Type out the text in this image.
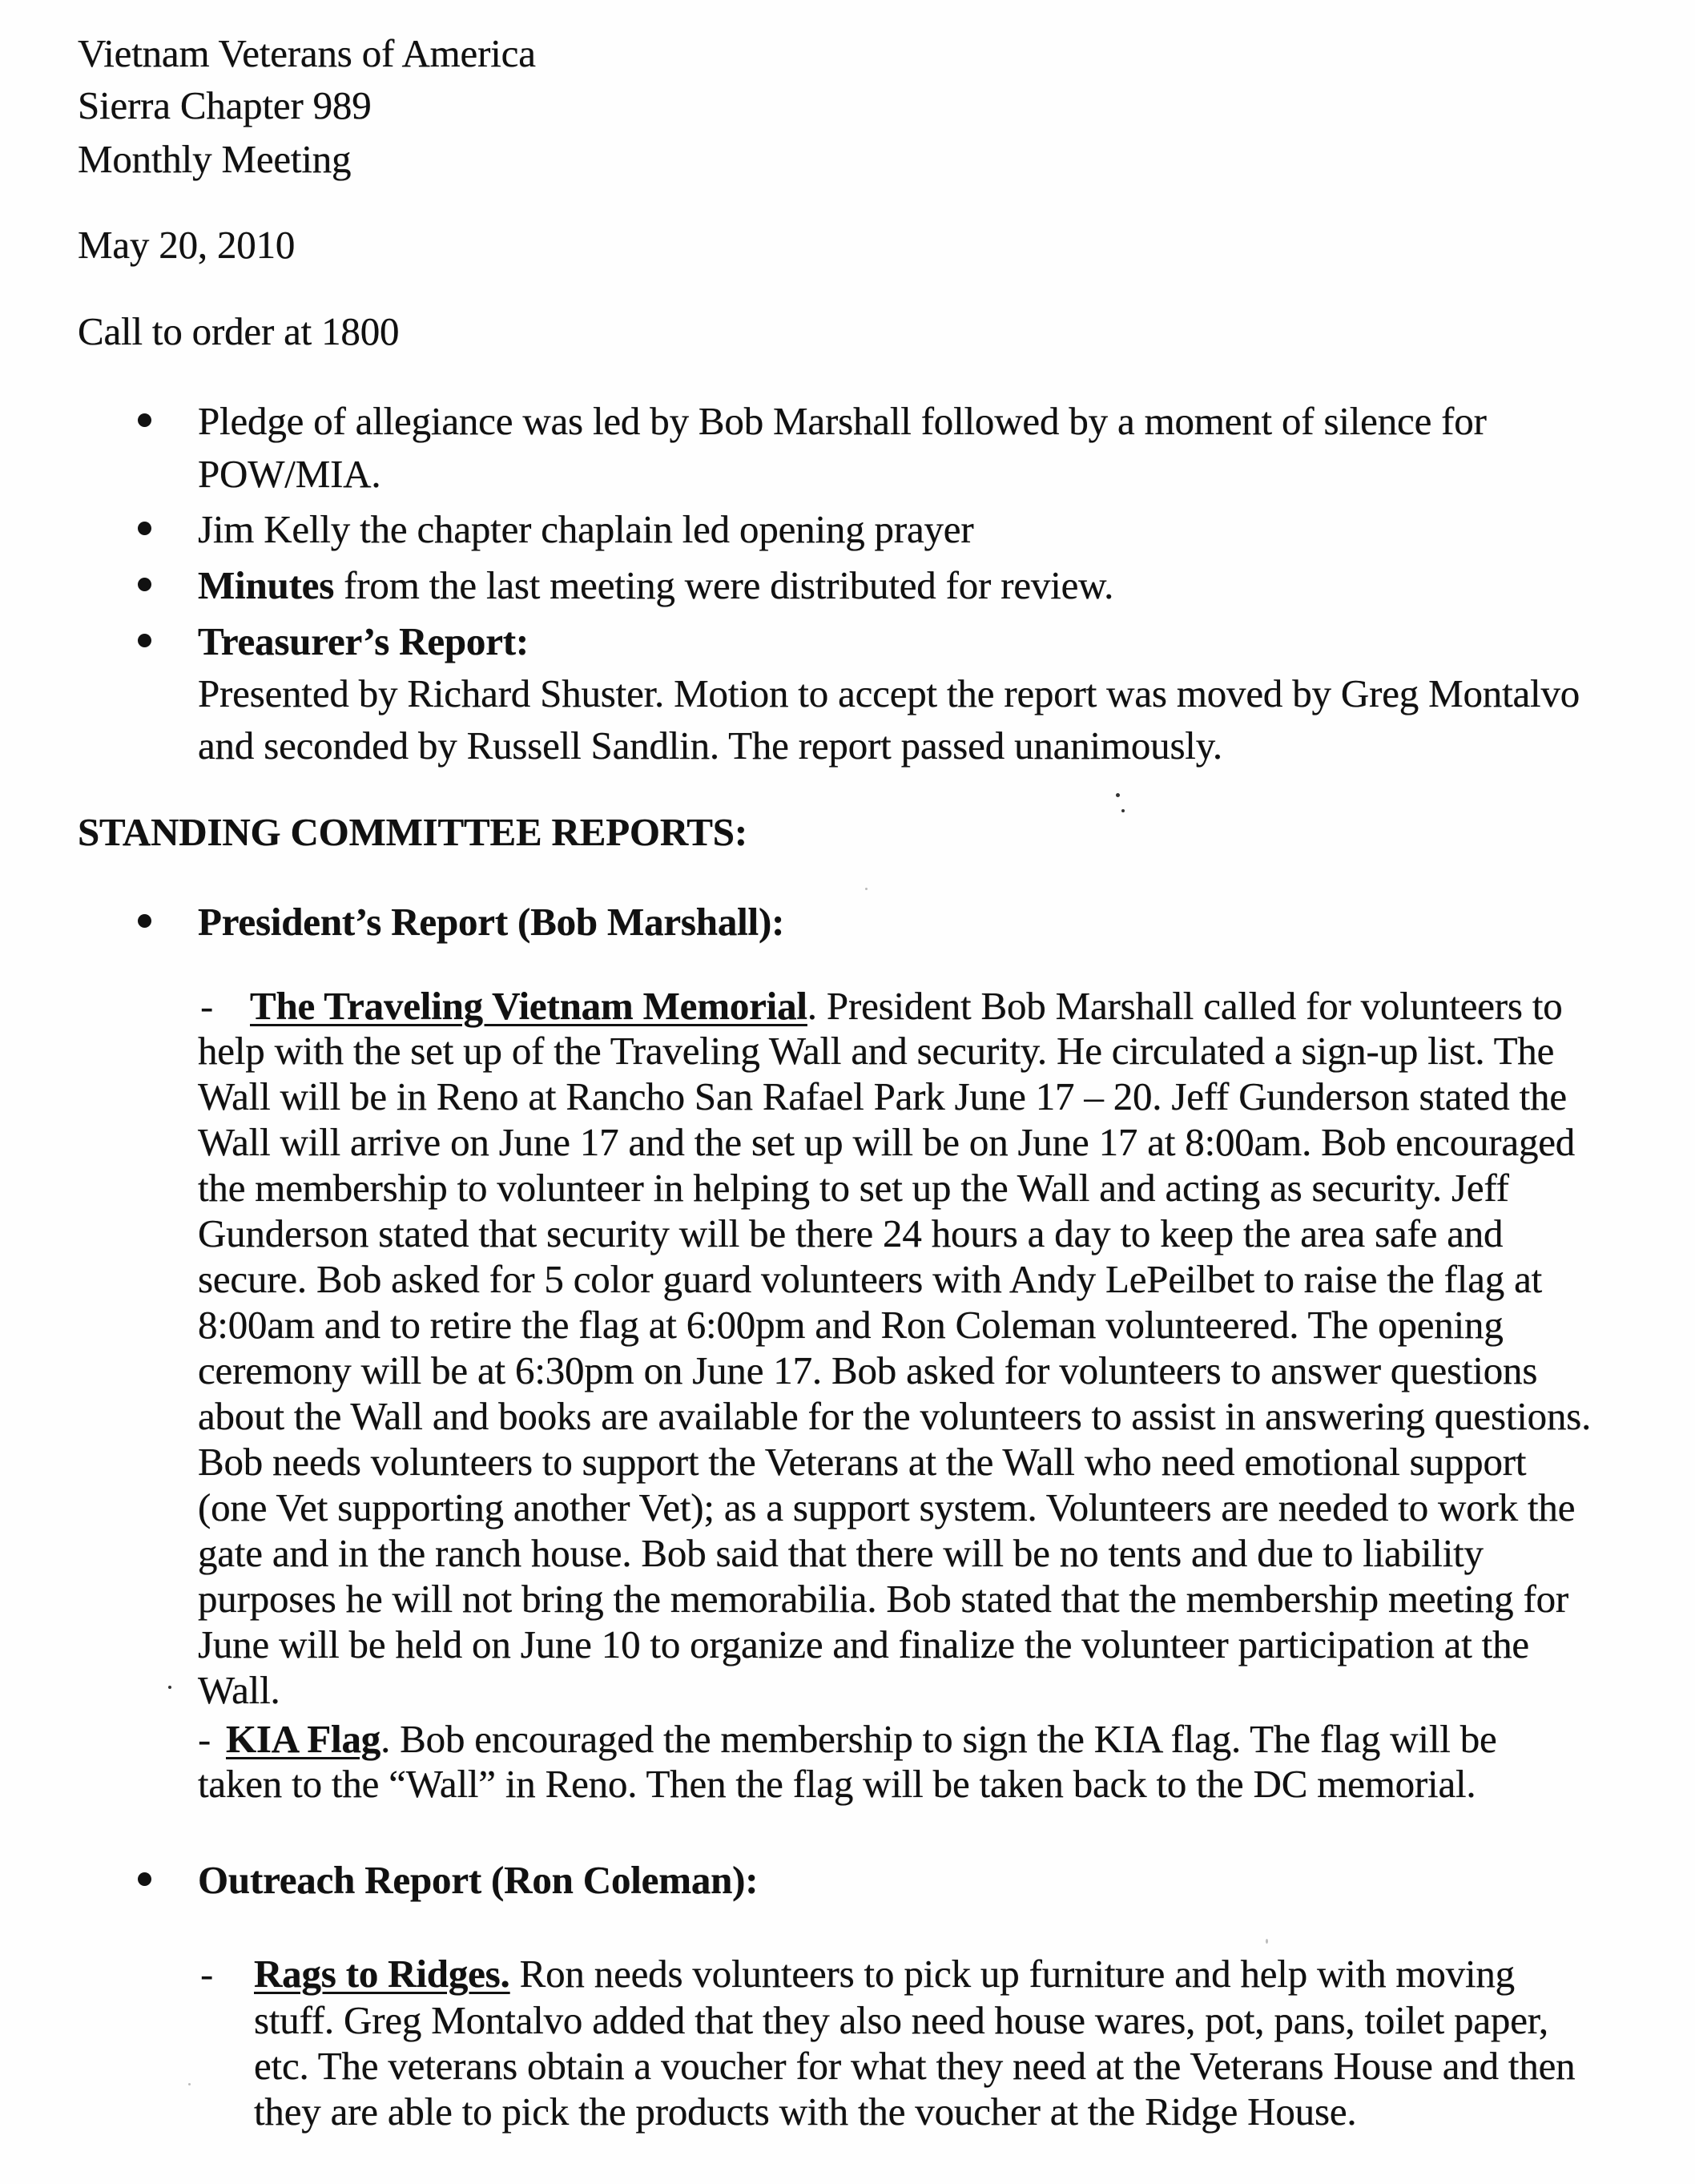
Vietnam Veterans of America
Sierra Chapter 989
Monthly Meeting
May 20, 2010
Call to order at 1800
Pledge of allegiance was led by Bob Marshall followed by a moment of silence for
POW/MIA.
Jim Kelly the chapter chaplain led opening prayer
Minutes from the last meeting were distributed for review.
Treasurer’s Report:
Presented by Richard Shuster. Motion to accept the report was moved by Greg Montalvo
and seconded by Russell Sandlin. The report passed unanimously.
STANDING COMMITTEE REPORTS:
President’s Report (Bob Marshall):
- The Traveling Vietnam Memorial. President Bob Marshall called for volunteers to
help with the set up of the Traveling Wall and security. He circulated a sign-up list. The
Wall will be in Reno at Rancho San Rafael Park June 17 – 20. Jeff Gunderson stated the
Wall will arrive on June 17 and the set up will be on June 17 at 8:00am. Bob encouraged
the membership to volunteer in helping to set up the Wall and acting as security. Jeff
Gunderson stated that security will be there 24 hours a day to keep the area safe and
secure. Bob asked for 5 color guard volunteers with Andy LePeilbet to raise the flag at
8:00am and to retire the flag at 6:00pm and Ron Coleman volunteered. The opening
ceremony will be at 6:30pm on June 17. Bob asked for volunteers to answer questions
about the Wall and books are available for the volunteers to assist in answering questions.
Bob needs volunteers to support the Veterans at the Wall who need emotional support
(one Vet supporting another Vet); as a support system. Volunteers are needed to work the
gate and in the ranch house. Bob said that there will be no tents and due to liability
purposes he will not bring the memorabilia. Bob stated that the membership meeting for
June will be held on June 10 to organize and finalize the volunteer participation at the
Wall.
- KIA Flag. Bob encouraged the membership to sign the KIA flag. The flag will be
taken to the “Wall” in Reno. Then the flag will be taken back to the DC memorial.
Outreach Report (Ron Coleman):
- Rags to Ridges. Ron needs volunteers to pick up furniture and help with moving
stuff. Greg Montalvo added that they also need house wares, pot, pans, toilet paper,
etc. The veterans obtain a voucher for what they need at the Veterans House and then
they are able to pick the products with the voucher at the Ridge House.
